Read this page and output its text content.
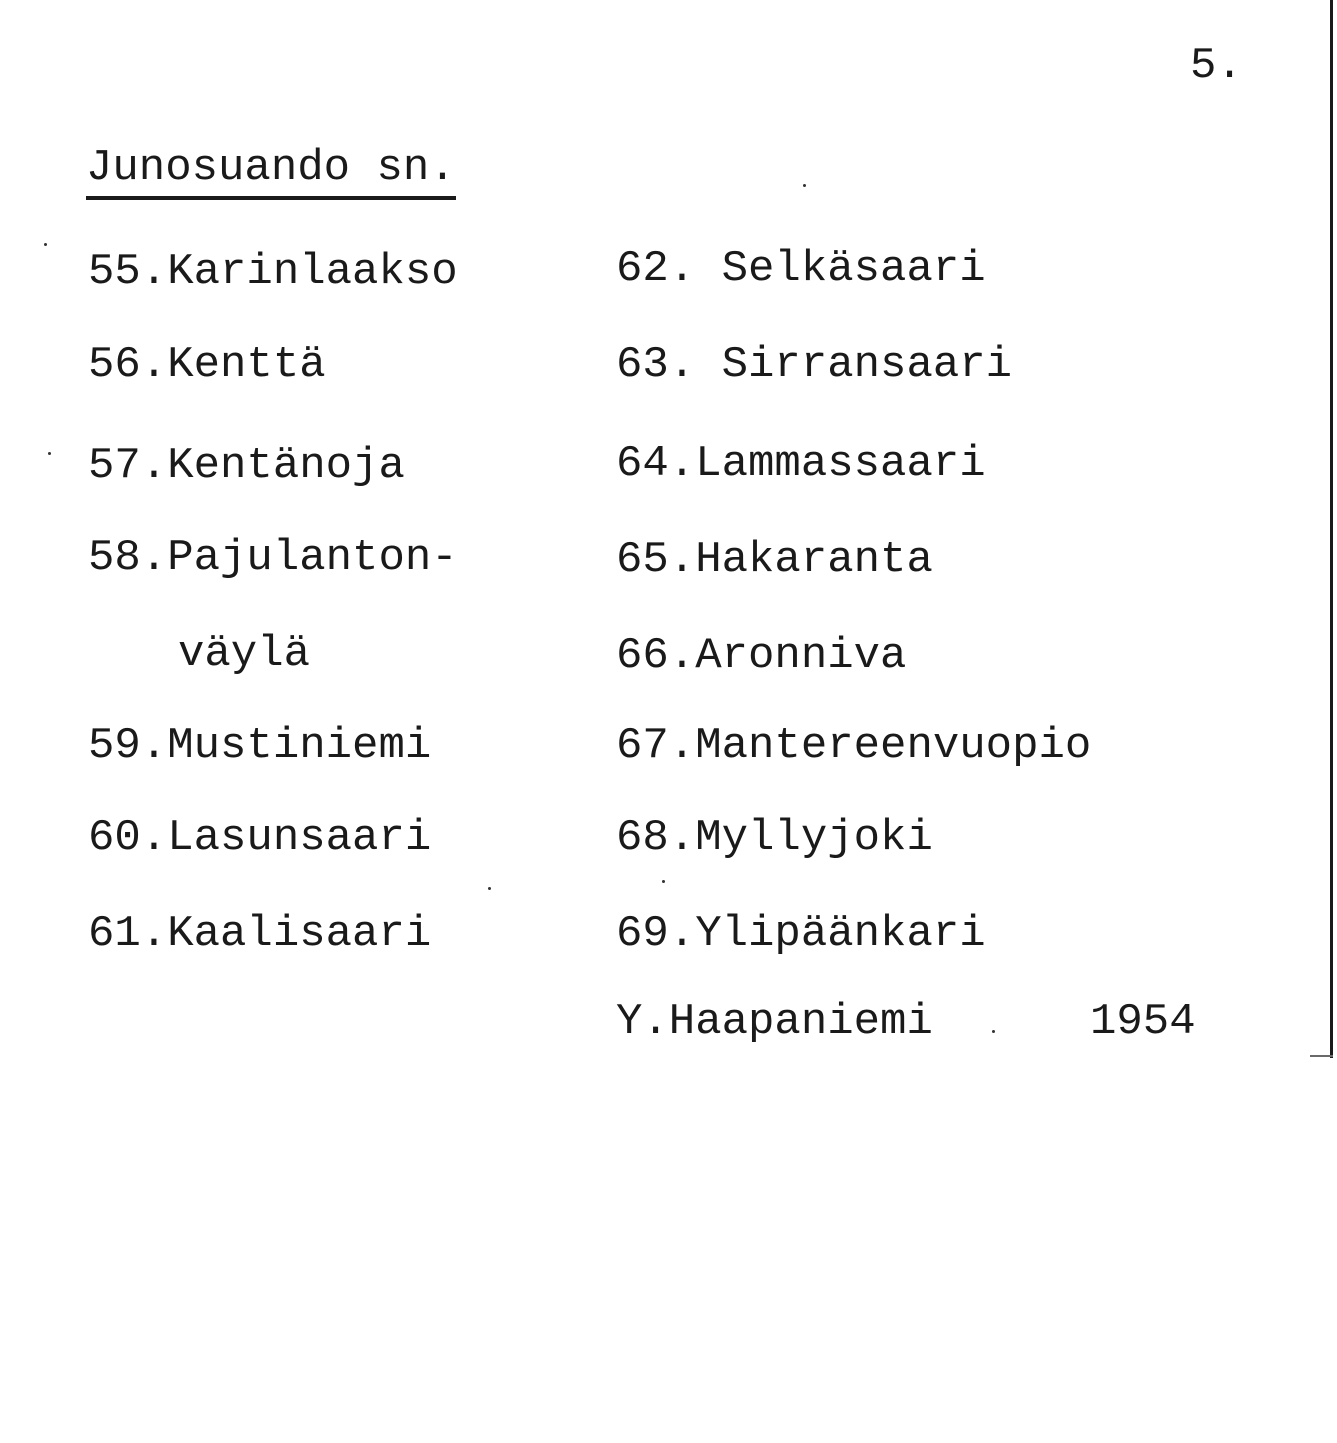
5.
Junosuando sn.
55.Karinlaakso
56.Kenttä
57.Kentänoja
58.Pajulanton-
väylä
59.Mustiniemi
60.Lasunsaari
61.Kaalisaari
62. Selkäsaari
63. Sirransaari
64.Lammassaari
65.Hakaranta
66.Aronniva
67.Mantereenvuopio
68.Myllyjoki
69.Ylipäänkari
Y.Haapaniemi	1954
